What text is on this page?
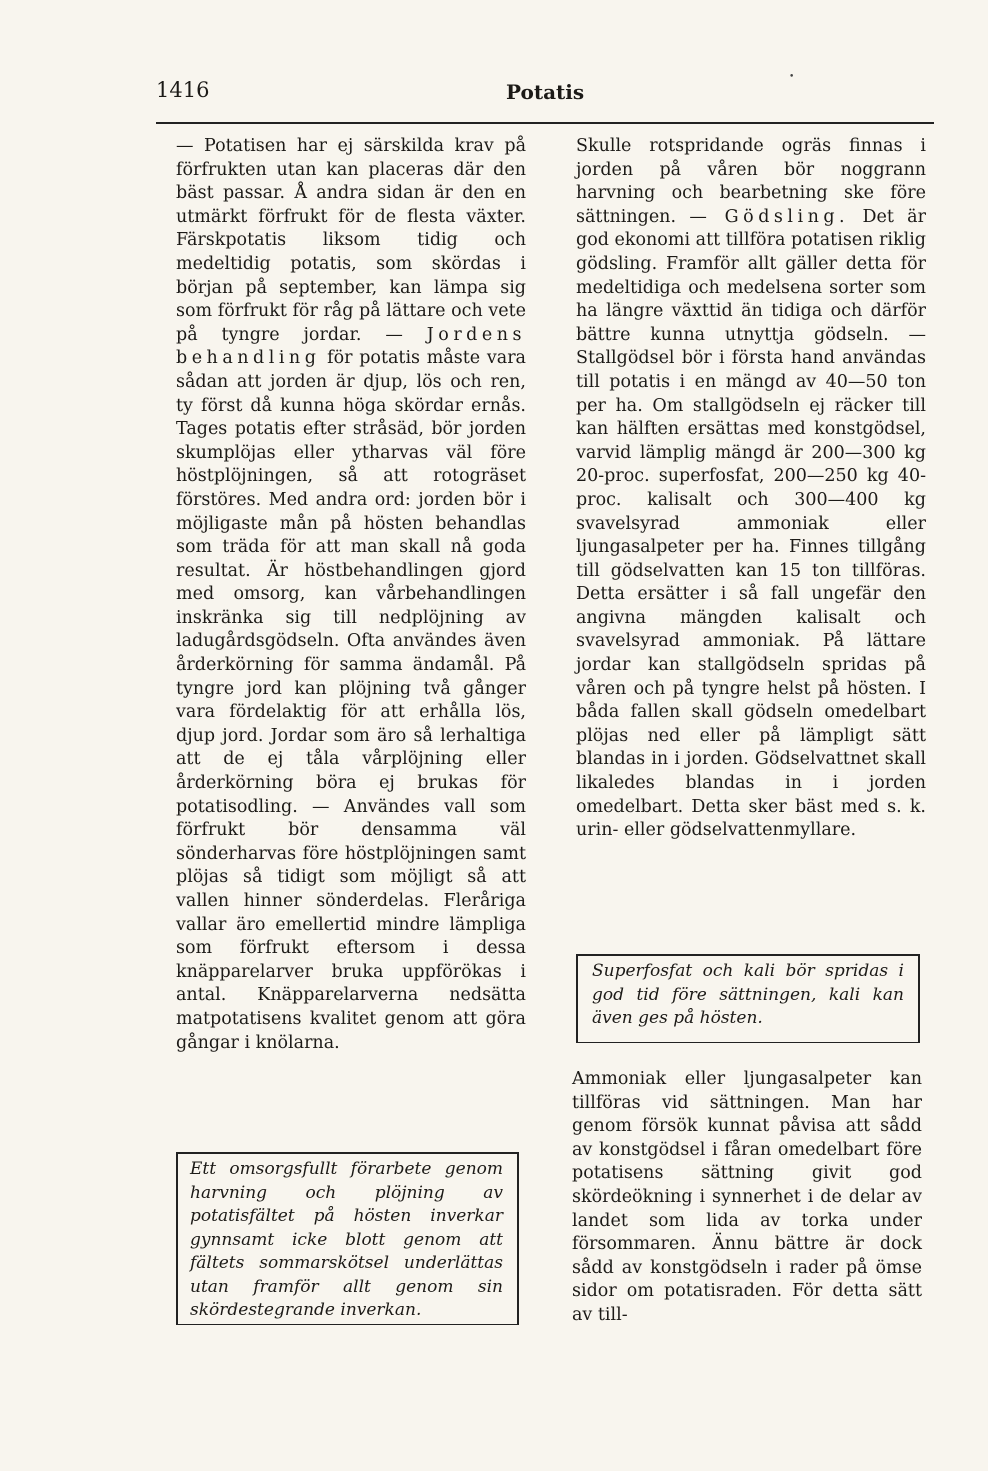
1416	Potatis
•

— Potatisen har ej särskilda krav på förfrukten utan kan placeras där den bäst passar. Å andra sidan är den en utmärkt förfrukt för de flesta växter. Färskpotatis liksom tidig och medeltidig potatis, som skördas i början på september, kan lämpa sig som förfrukt för råg på lättare och vete på tyngre jordar. — Jordens behandling för potatis måste vara sådan att jorden är djup, lös och ren, ty först då kunna höga skördar ernås. Tages potatis efter stråsäd, bör jorden skumplöjas eller ytharvas väl före höstplöjningen, så att rotogräset förstöres. Med andra ord: jorden bör i möjligaste mån på hösten behandlas som träda för att man skall nå goda resultat. Är höstbehandlingen gjord med omsorg, kan vårbehandlingen inskränka sig till nedplöjning av ladugårdsgödseln. Ofta användes även årderkörning för samma ändamål. På tyngre jord kan plöjning två gånger vara fördelaktig för att erhålla lös, djup jord. Jordar som äro så lerhaltiga att de ej tåla vårplöjning eller årderkörning böra ej brukas för potatisodling. — Användes vall som förfrukt bör densamma väl sönderharvas före höstplöjningen samt plöjas så tidigt som möjligt så att vallen hinner sönderdelas. Fleråriga vallar äro emellertid mindre lämpliga som förfrukt eftersom i dessa knäpparelarver bruka uppförökas i antal. Knäpparelarverna nedsätta matpotatisens kvalitet genom att göra gångar i knölarna.

Ett omsorgsfullt förarbete genom harvning och plöjning av potatisfältet på hösten inverkar gynnsamt icke blott genom att fältets sommarskötsel underlättas utan framför allt genom sin skördestegrande inverkan.

Skulle rotspridande ogräs finnas i jorden på våren bör noggrann harvning och bearbetning ske före sättningen. — Gödsling. Det är god ekonomi att tillföra potatisen riklig gödsling. Framför allt gäller detta för medeltidiga och medelsena sorter som ha längre växttid än tidiga och därför bättre kunna utnyttja gödseln. — Stallgödsel bör i första hand användas till potatis i en mängd av 40—50 ton per ha. Om stallgödseln ej räcker till kan hälften ersättas med konstgödsel, varvid lämplig mängd är 200—300 kg 20-proc. superfosfat, 200—250 kg 40-proc. kalisalt och 300—400 kg svavelsyrad ammoniak eller ljungasalpeter per ha. Finnes tillgång till gödselvatten kan 15 ton tillföras. Detta ersätter i så fall ungefär den angivna mängden kalisalt och svavelsyrad ammoniak. På lättare jordar kan stallgödseln spridas på våren och på tyngre helst på hösten. I båda fallen skall gödseln omedelbart plöjas ned eller på lämpligt sätt blandas in i jorden. Gödselvattnet skall likaledes blandas in i jorden omedelbart. Detta sker bäst med s. k. urin- eller gödselvattenmyllare.

Superfosfat och kali bör spridas i god tid före sättningen, kali kan även ges på hösten.

Ammoniak eller ljungasalpeter kan tillföras vid sättningen. Man har genom försök kunnat påvisa att sådd av konstgödsel i fåran omedelbart före potatisens sättning givit god skördeökning i synnerhet i de delar av landet som lida av torka under försommaren. Ännu bättre är dock sådd av konstgödseln i rader på ömse sidor om potatisraden. För detta sätt av till-
